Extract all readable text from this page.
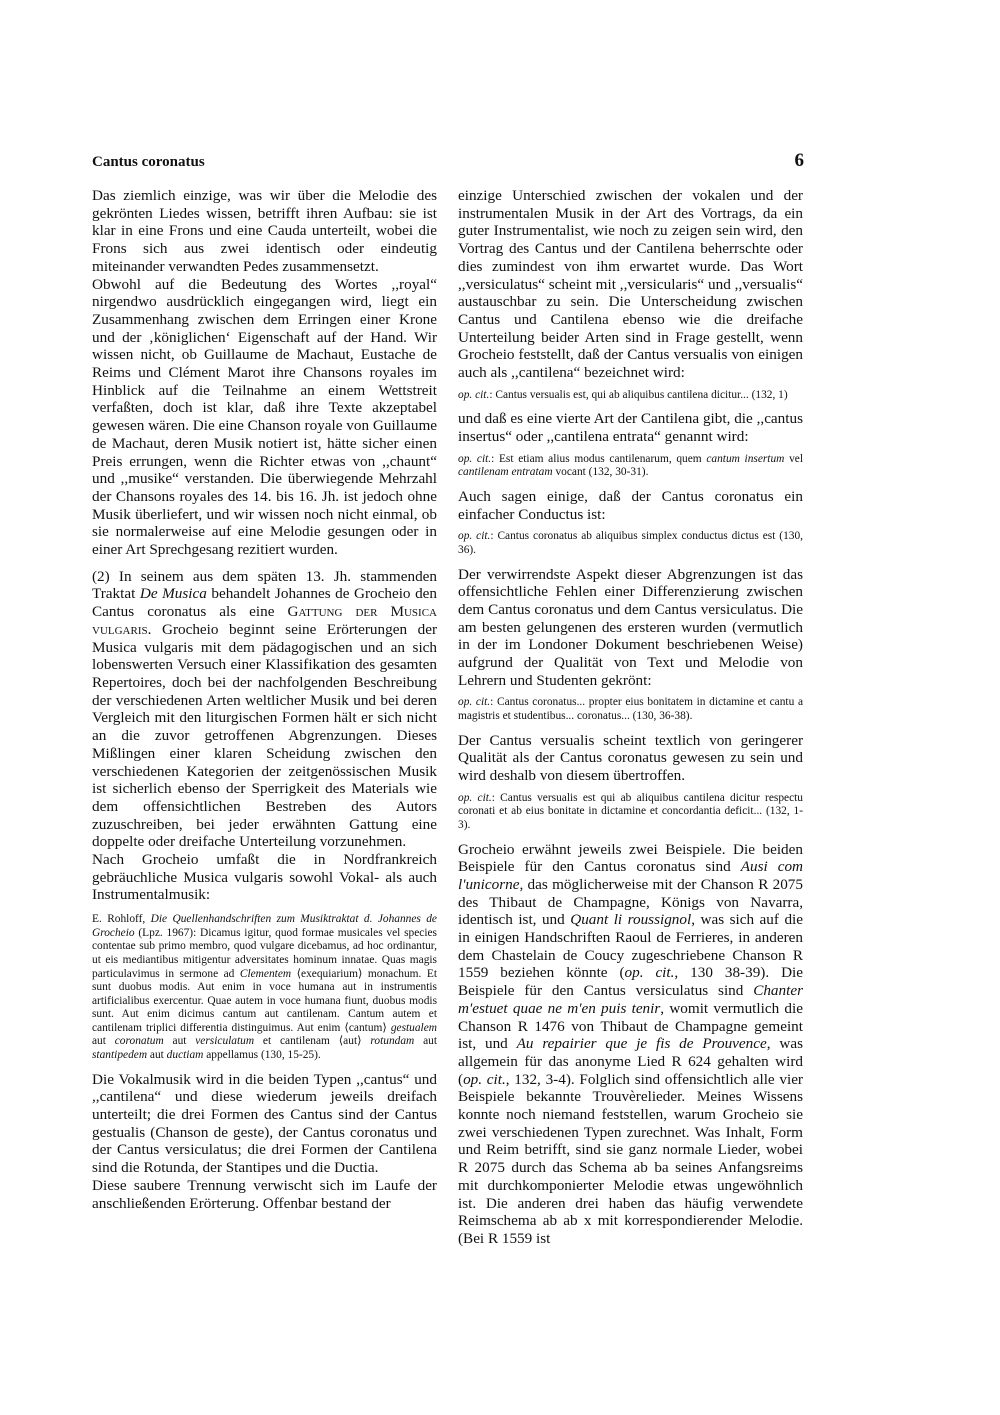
Cantus coronatus	6

Das ziemlich einzige, was wir über die Melodie des gekrönten Liedes wissen, betrifft ihren Aufbau: sie ist klar in eine Frons und eine Cauda unterteilt, wobei die Frons sich aus zwei identisch oder eindeutig miteinander verwandten Pedes zusammensetzt.

Obwohl auf die Bedeutung des Wortes ,,royal“ nirgendwo ausdrücklich eingegangen wird, liegt ein Zusammenhang zwischen dem Erringen einer Krone und der ‚königlichen‘ Eigenschaft auf der Hand. Wir wissen nicht, ob Guillaume de Machaut, Eustache de Reims und Clément Marot ihre Chansons royales im Hinblick auf die Teilnahme an einem Wettstreit verfaßten, doch ist klar, daß ihre Texte akzeptabel gewesen wären. Die eine Chanson royale von Guillaume de Machaut, deren Musik notiert ist, hätte sicher einen Preis errungen, wenn die Richter etwas von ,,chaunt“ und ,,musike“ verstanden. Die überwiegende Mehrzahl der Chansons royales des 14. bis 16. Jh. ist jedoch ohne Musik überliefert, und wir wissen noch nicht einmal, ob sie normalerweise auf eine Melodie gesungen oder in einer Art Sprechgesang rezitiert wurden.

(2) In seinem aus dem späten 13. Jh. stammenden Traktat De Musica behandelt Johannes de Grocheio den Cantus coronatus als eine Gattung der Musica vulgaris. Grocheio beginnt seine Erörterungen der Musica vulgaris mit dem pädagogischen und an sich lobenswerten Versuch einer Klassifikation des gesamten Repertoires, doch bei der nachfolgenden Beschreibung der verschiedenen Arten weltlicher Musik und bei deren Vergleich mit den liturgischen Formen hält er sich nicht an die zuvor getroffenen Abgrenzungen. Dieses Mißlingen einer klaren Scheidung zwischen den verschiedenen Kategorien der zeitgenössischen Musik ist sicherlich ebenso der Sperrigkeit des Materials wie dem offensichtlichen Bestreben des Autors zuzuschreiben, bei jeder erwähnten Gattung eine doppelte oder dreifache Unterteilung vorzunehmen.

Nach Grocheio umfaßt die in Nordfrankreich gebräuchliche Musica vulgaris sowohl Vokal- als auch Instrumentalmusik:

E. Rohloff, Die Quellenhandschriften zum Musiktraktat d. Johannes de Grocheio (Lpz. 1967): Dicamus igitur, quod formae musicales vel species contentae sub primo membro, quod vulgare dicebamus, ad hoc ordinantur, ut eis mediantibus mitigentur adversitates hominum innatae. Quas magis particulavimus in sermone ad Clementem ⟨exequiarium⟩ monachum. Et sunt duobus modis. Aut enim in voce humana aut in instrumentis artificialibus exercentur. Quae autem in voce humana fiunt, duobus modis sunt. Aut enim dicimus cantum aut cantilenam. Cantum autem et cantilenam triplici differentia distinguimus. Aut enim ⟨cantum⟩ gestualem aut coronatum aut versiculatum et cantilenam ⟨aut⟩ rotundam aut stantipedem aut ductiam appellamus (130, 15-25).

Die Vokalmusik wird in die beiden Typen ,,cantus“ und ,,cantilena“ und diese wiederum jeweils dreifach unterteilt; die drei Formen des Cantus sind der Cantus gestualis (Chanson de geste), der Cantus coronatus und der Cantus versiculatus; die drei Formen der Cantilena sind die Rotunda, der Stantipes und die Ductia.

Diese saubere Trennung verwischt sich im Laufe der anschließenden Erörterung. Offenbar bestand der

einzige Unterschied zwischen der vokalen und der instrumentalen Musik in der Art des Vortrags, da ein guter Instrumentalist, wie noch zu zeigen sein wird, den Vortrag des Cantus und der Cantilena beherrschte oder dies zumindest von ihm erwartet wurde. Das Wort ,,versiculatus“ scheint mit ,,versicularis“ und ,,versualis“ austauschbar zu sein. Die Unterscheidung zwischen Cantus und Cantilena ebenso wie die dreifache Unterteilung beider Arten sind in Frage gestellt, wenn Grocheio feststellt, daß der Cantus versualis von einigen auch als ,,cantilena“ bezeichnet wird:

op. cit.: Cantus versualis est, qui ab aliquibus cantilena dicitur... (132, 1)

und daß es eine vierte Art der Cantilena gibt, die ,,cantus insertus“ oder ,,cantilena entrata“ genannt wird:

op. cit.: Est etiam alius modus cantilenarum, quem cantum insertum vel cantilenam entratam vocant (132, 30-31).

Auch sagen einige, daß der Cantus coronatus ein einfacher Conductus ist:

op. cit.: Cantus coronatus ab aliquibus simplex conductus dictus est (130, 36).

Der verwirrendste Aspekt dieser Abgrenzungen ist das offensichtliche Fehlen einer Differenzierung zwischen dem Cantus coronatus und dem Cantus versiculatus. Die am besten gelungenen des ersteren wurden (vermutlich in der im Londoner Dokument beschriebenen Weise) aufgrund der Qualität von Text und Melodie von Lehrern und Studenten gekrönt:

op. cit.: Cantus coronatus... propter eius bonitatem in dictamine et cantu a magistris et studentibus... coronatus... (130, 36-38).

Der Cantus versualis scheint textlich von geringerer Qualität als der Cantus coronatus gewesen zu sein und wird deshalb von diesem übertroffen.

op. cit.: Cantus versualis est qui ab aliquibus cantilena dicitur respectu coronati et ab eius bonitate in dictamine et concordantia deficit... (132, 1-3).

Grocheio erwähnt jeweils zwei Beispiele. Die beiden Beispiele für den Cantus coronatus sind Ausi com l'unicorne, das möglicherweise mit der Chanson R 2075 des Thibaut de Champagne, Königs von Navarra, identisch ist, und Quant li roussignol, was sich auf die in einigen Handschriften Raoul de Ferrieres, in anderen dem Chastelain de Coucy zugeschriebene Chanson R 1559 beziehen könnte (op. cit., 130 38-39). Die Beispiele für den Cantus versiculatus sind Chanter m'estuet quae ne m'en puis tenir, womit vermutlich die Chanson R 1476 von Thibaut de Champagne gemeint ist, und Au repairier que je fis de Prouvence, was allgemein für das anonyme Lied R 624 gehalten wird (op. cit., 132, 3-4). Folglich sind offensichtlich alle vier Beispiele bekannte Trouvèrelieder. Meines Wissens konnte noch niemand feststellen, warum Grocheio sie zwei verschiedenen Typen zurechnet. Was Inhalt, Form und Reim betrifft, sind sie ganz normale Lieder, wobei R 2075 durch das Schema ab ba seines Anfangsreims mit durchkomponierter Melodie etwas ungewöhnlich ist. Die anderen drei haben das häufig verwendete Reimschema ab ab x mit korrespondierender Melodie. (Bei R 1559 ist
